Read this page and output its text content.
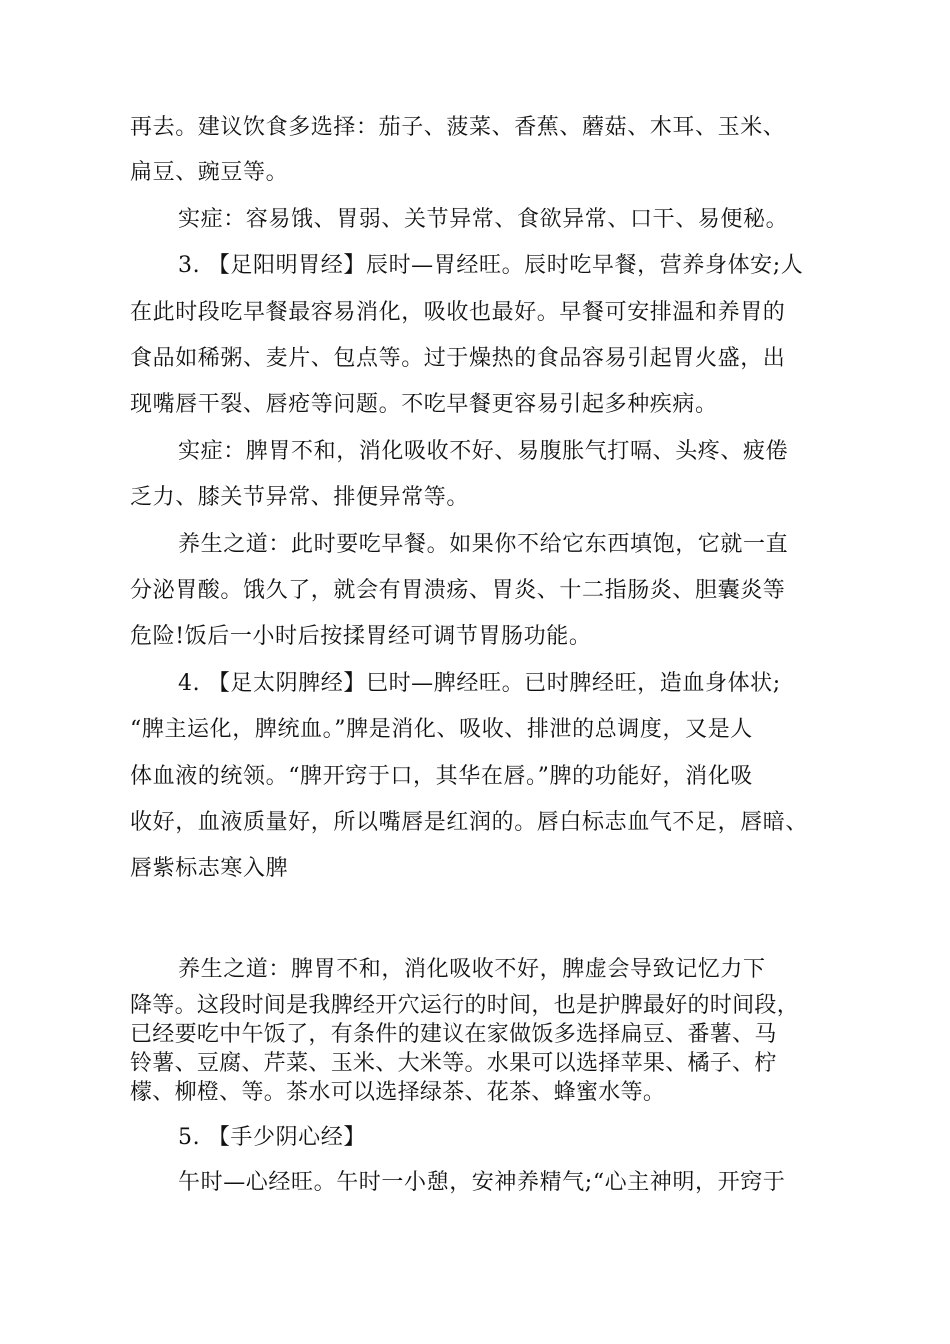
再去。建议饮食多选择：茄子、菠菜、香蕉、蘑菇、木耳、玉米、
扁豆、豌豆等。
实症：容易饿、胃弱、关节异常、食欲异常、口干、易便秘。
3. 【足阳明胃经】辰时—胃经旺。辰时吃早餐，营养身体安;人
在此时段吃早餐最容易消化，吸收也最好。早餐可安排温和养胃的
食品如稀粥、麦片、包点等。过于燥热的食品容易引起胃火盛，出
现嘴唇干裂、唇疮等问题。不吃早餐更容易引起多种疾病。
实症：脾胃不和，消化吸收不好、易腹胀气打嗝、头疼、疲倦
乏力、膝关节异常、排便异常等。
养生之道：此时要吃早餐。如果你不给它东西填饱，它就一直
分泌胃酸。饿久了，就会有胃溃疡、胃炎、十二指肠炎、胆囊炎等
危险!饭后一小时后按揉胃经可调节胃肠功能。
4. 【足太阴脾经】巳时—脾经旺。已时脾经旺，造血身体状;
“脾主运化，脾统血。”脾是消化、吸收、排泄的总调度，又是人
体血液的统领。“脾开窍于口，其华在唇。”脾的功能好，消化吸
收好，血液质量好，所以嘴唇是红润的。唇白标志血气不足，唇暗、
唇紫标志寒入脾
养生之道：脾胃不和，消化吸收不好，脾虚会导致记忆力下
降等。这段时间是我脾经开穴运行的时间，也是护脾最好的时间段，
已经要吃中午饭了，有条件的建议在家做饭多选择扁豆、番薯、马
铃薯、豆腐、芹菜、玉米、大米等。水果可以选择苹果、橘子、柠
檬、柳橙、等。茶水可以选择绿茶、花茶、蜂蜜水等。
5. 【手少阴心经】
午时—心经旺。午时一小憩，安神养精气;“心主神明，开窍于
